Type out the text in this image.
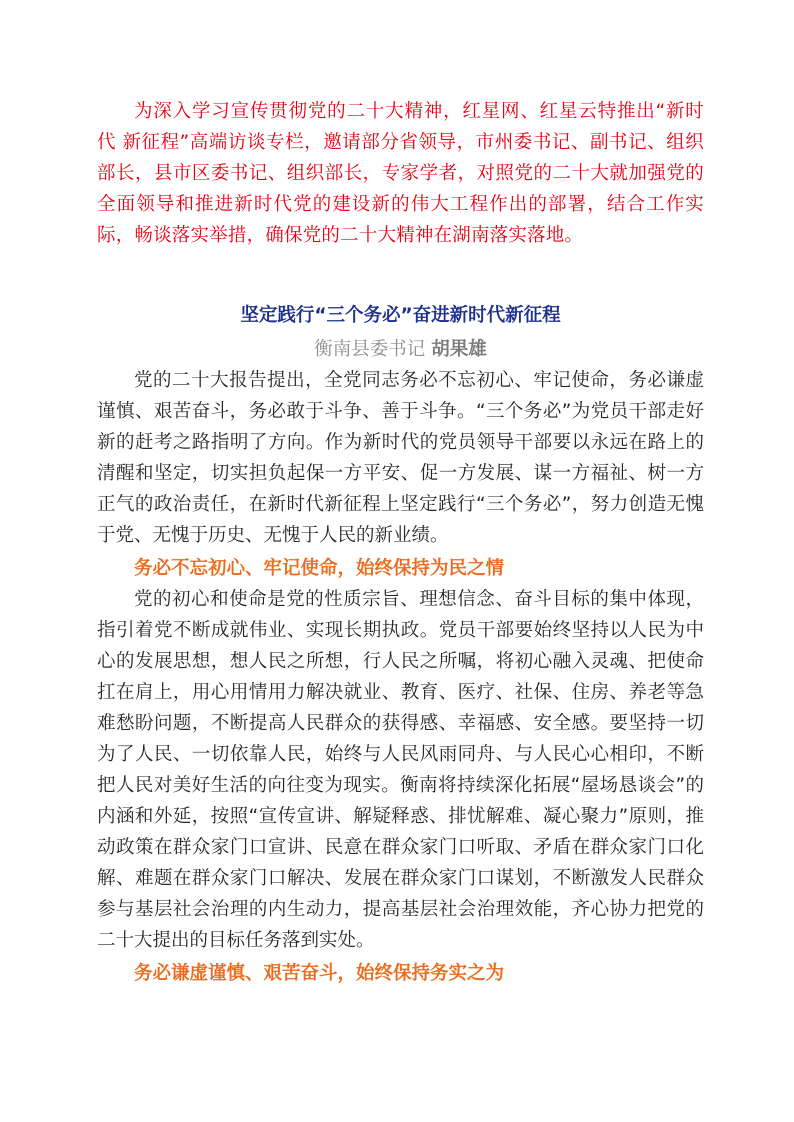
为深入学习宣传贯彻党的二十大精神，红星网、红星云特推出“新时代 新征程”高端访谈专栏，邀请部分省领导，市州委书记、副书记、组织部长，县市区委书记、组织部长，专家学者，对照党的二十大就加强党的全面领导和推进新时代党的建设新的伟大工程作出的部署，结合工作实际，畅谈落实举措，确保党的二十大精神在湖南落实落地。

坚定践行“三个务必”奋进新时代新征程
衡南县委书记 胡果雄

党的二十大报告提出，全党同志务必不忘初心、牢记使命，务必谦虚谨慎、艰苦奋斗，务必敢于斗争、善于斗争。“三个务必”为党员干部走好新的赶考之路指明了方向。作为新时代的党员领导干部要以永远在路上的清醒和坚定，切实担负起保一方平安、促一方发展、谋一方福祉、树一方正气的政治责任，在新时代新征程上坚定践行“三个务必”，努力创造无愧于党、无愧于历史、无愧于人民的新业绩。

务必不忘初心、牢记使命，始终保持为民之情

党的初心和使命是党的性质宗旨、理想信念、奋斗目标的集中体现，指引着党不断成就伟业、实现长期执政。党员干部要始终坚持以人民为中心的发展思想，想人民之所想，行人民之所嘱，将初心融入灵魂、把使命扛在肩上，用心用情用力解决就业、教育、医疗、社保、住房、养老等急难愁盼问题，不断提高人民群众的获得感、幸福感、安全感。要坚持一切为了人民、一切依靠人民，始终与人民风雨同舟、与人民心心相印，不断把人民对美好生活的向往变为现实。衡南将持续深化拓展“屋场恳谈会”的内涵和外延，按照“宣传宣讲、解疑释惑、排忧解难、凝心聚力”原则，推动政策在群众家门口宣讲、民意在群众家门口听取、矛盾在群众家门口化解、难题在群众家门口解决、发展在群众家门口谋划，不断激发人民群众参与基层社会治理的内生动力，提高基层社会治理效能，齐心协力把党的二十大提出的目标任务落到实处。

务必谦虚谨慎、艰苦奋斗，始终保持务实之为
